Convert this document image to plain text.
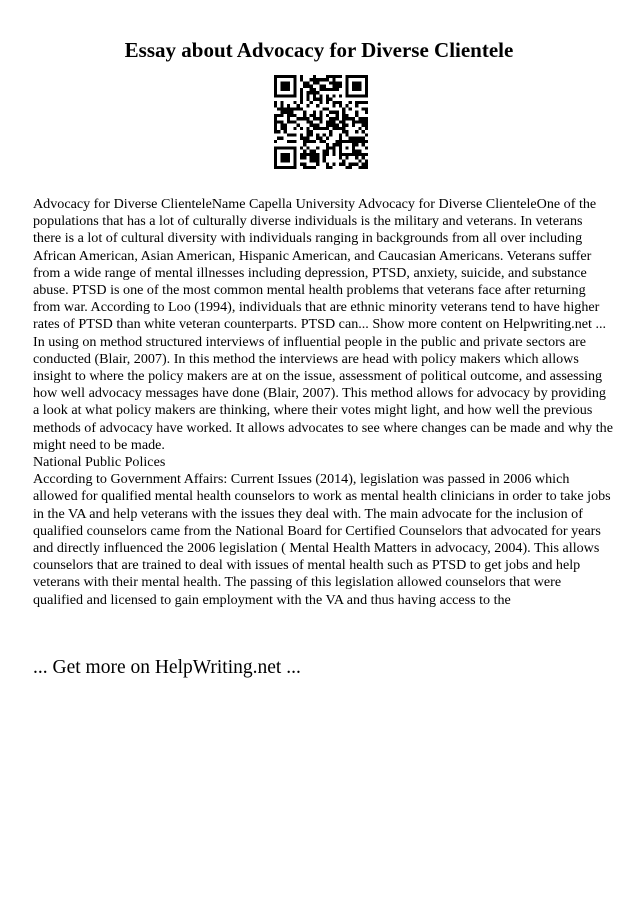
Essay about Advocacy for Diverse Clientele

Advocacy for Diverse ClienteleName Capella University Advocacy for Diverse ClienteleOne of the populations that has a lot of culturally diverse individuals is the military and veterans. In veterans there is a lot of cultural diversity with individuals ranging in backgrounds from all over including African American, Asian American, Hispanic American, and Caucasian Americans. Veterans suffer from a wide range of mental illnesses including depression, PTSD, anxiety, suicide, and substance abuse. PTSD is one of the most common mental health problems that veterans face after returning from war. According to Loo (1994), individuals that are ethnic minority veterans tend to have higher rates of PTSD than white veteran counterparts. PTSD can... Show more content on Helpwriting.net ...

In using on method structured interviews of influential people in the public and private sectors are conducted (Blair, 2007). In this method the interviews are head with policy makers which allows insight to where the policy makers are at on the issue, assessment of political outcome, and assessing how well advocacy messages have done (Blair, 2007). This method allows for advocacy by providing a look at what policy makers are thinking, where their votes might light, and how well the previous methods of advocacy have worked. It allows advocates to see where changes can be made and why the might need to be made.

National Public Polices

According to Government Affairs: Current Issues (2014), legislation was passed in 2006 which allowed for qualified mental health counselors to work as mental health clinicians in order to take jobs in the VA and help veterans with the issues they deal with. The main advocate for the inclusion of qualified counselors came from the National Board for Certified Counselors that advocated for years and directly influenced the 2006 legislation ( Mental Health Matters in advocacy, 2004). This allows counselors that are trained to deal with issues of mental health such as PTSD to get jobs and help veterans with their mental health. The passing of this legislation allowed counselors that were qualified and licensed to gain employment with the VA and thus having access to the

... Get more on HelpWriting.net ...
